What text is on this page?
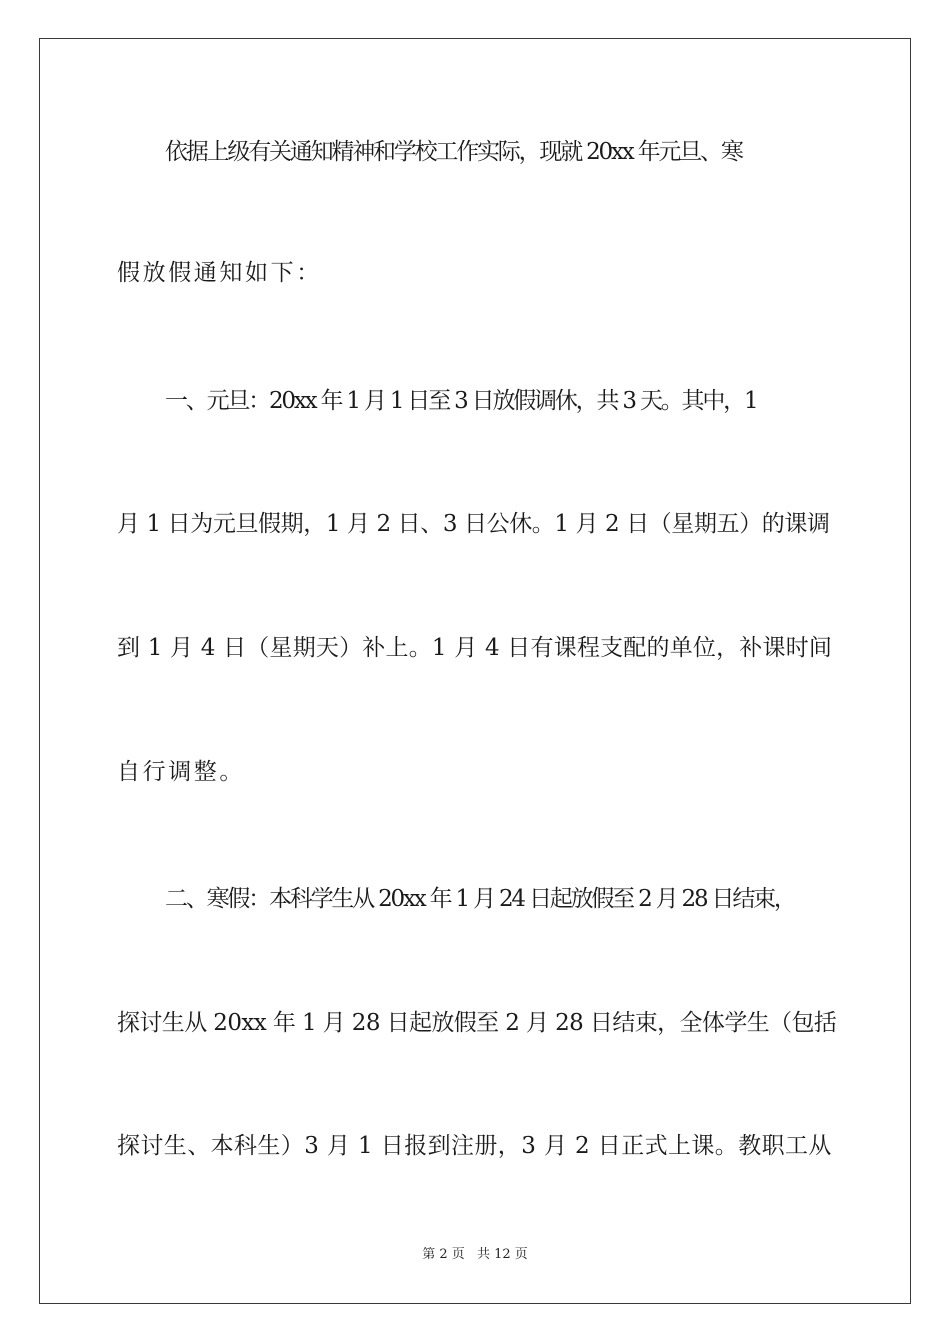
依据上级有关通知精神和学校工作实际，现就 20xx 年元旦、寒
假放假通知如下：
一、元旦：20xx 年 1 月 1 日至 3 日放假调休，共 3 天。其中，1
月 1 日为元旦假期，1 月 2 日、3 日公休。1 月 2 日（星期五）的课调
到 1 月 4 日（星期天）补上。1 月 4 日有课程支配的单位，补课时间
自行调整。
二、寒假：本科学生从 20xx 年 1 月 24 日起放假至 2 月 28 日结束，
探讨生从 20xx 年 1 月 28 日起放假至 2 月 28 日结束，全体学生（包括
探讨生、本科生）3 月 1 日报到注册，3 月 2 日正式上课。教职工从
第 2 页 共 12 页
